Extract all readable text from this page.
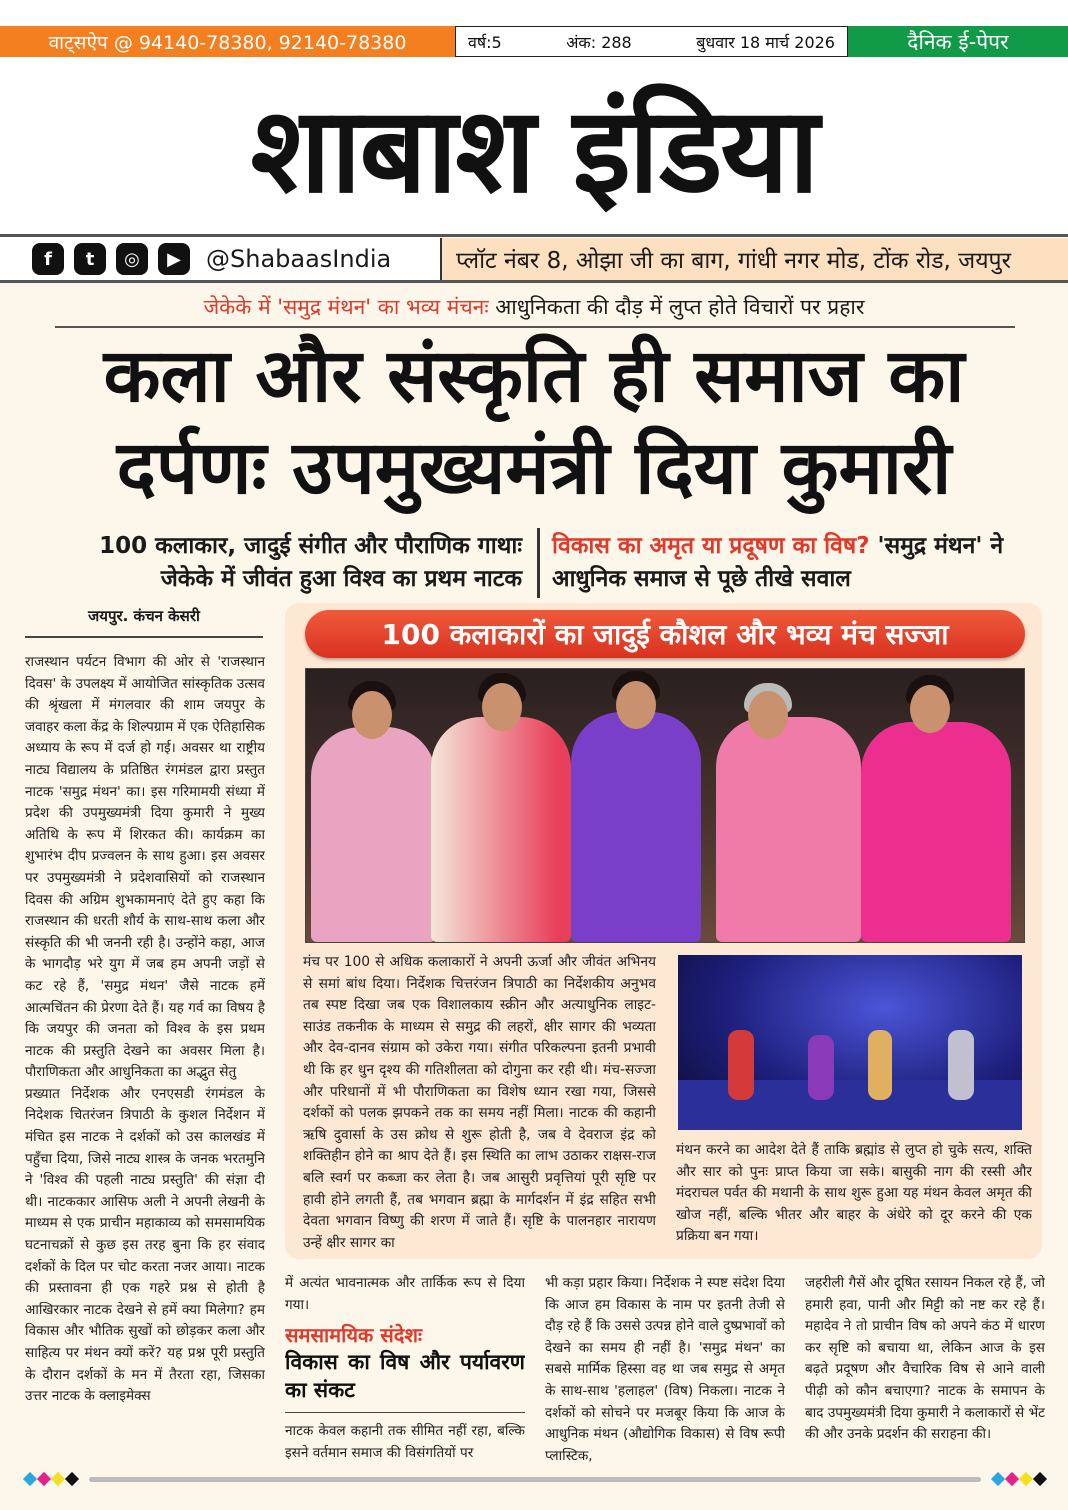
वाट्सऐप @ 94140-78380, 92140-78380	वर्ष:5	अंक: 288	बुधवार 18 मार्च 2026	दैनिक ई-पेपर
शाबाश इंडिया
f	t	◎	▶	@ShabaasIndia	प्लॉट नंबर 8, ओझा जी का बाग, गांधी नगर मोड, टोंक रोड, जयपुर
जेकेके में 'समुद्र मंथन' का भव्य मंचनः आधुनिकता की दौड़ में लुप्त होते विचारों पर प्रहार
कला और संस्कृति ही समाज का
दर्पणः उपमुख्यमंत्री दिया कुमारी
100 कलाकार, जादुई संगीत और पौराणिक गाथाः
जेकेके में जीवंत हुआ विश्व का प्रथम नाटक
विकास का अमृत या प्रदूषण का विष? 'समुद्र मंथन' ने आधुनिक समाज से पूछे तीखे सवाल
जयपुर. कंचन केसरी

राजस्थान पर्यटन विभाग की ओर से 'राजस्थान दिवस' के उपलक्ष्य में आयोजित सांस्कृतिक उत्सव की श्रृंखला में मंगलवार की शाम जयपुर के जवाहर कला केंद्र के शिल्पग्राम में एक ऐतिहासिक अध्याय के रूप में दर्ज हो गई। अवसर था राष्ट्रीय नाट्य विद्यालय के प्रतिष्ठित रंगमंडल द्वारा प्रस्तुत नाटक 'समुद्र मंथन' का। इस गरिमामयी संध्या में प्रदेश की उपमुख्यमंत्री दिया कुमारी ने मुख्य अतिथि के रूप में शिरकत की। कार्यक्रम का शुभारंभ दीप प्रज्वलन के साथ हुआ। इस अवसर पर उपमुख्यमंत्री ने प्रदेशवासियों को राजस्थान दिवस की अग्रिम शुभकामनाएं देते हुए कहा कि राजस्थान की धरती शौर्य के साथ-साथ कला और संस्कृति की भी जननी रही है। उन्होंने कहा, आज के भागदौड़ भरे युग में जब हम अपनी जड़ों से कट रहे हैं, 'समुद्र मंथन' जैसे नाटक हमें आत्मचिंतन की प्रेरणा देते हैं। यह गर्व का विषय है कि जयपुर की जनता को विश्व के इस प्रथम नाटक की प्रस्तुति देखने का अवसर मिला है। पौराणिकता और आधुनिकता का अद्भुत सेतु

प्रख्यात निर्देशक और एनएसडी रंगमंडल के निदेशक चितरंजन त्रिपाठी के कुशल निर्देशन में मंचित इस नाटक ने दर्शकों को उस कालखंड में पहुँचा दिया, जिसे नाट्य शास्त्र के जनक भरतमुनि ने 'विश्व की पहली नाट्य प्रस्तुति' की संज्ञा दी थी। नाटककार आसिफ अली ने अपनी लेखनी के माध्यम से एक प्राचीन महाकाव्य को समसामयिक घटनाचक्रों से कुछ इस तरह बुना कि हर संवाद दर्शकों के दिल पर चोट करता नजर आया। नाटक की प्रस्तावना ही एक गहरे प्रश्न से होती है आखिरकार नाटक देखने से हमें क्या मिलेगा? हम विकास और भौतिक सुखों को छोड़कर कला और साहित्य पर मंथन क्यों करें? यह प्रश्न पूरी प्रस्तुति के दौरान दर्शकों के मन में तैरता रहा, जिसका उत्तर नाटक के क्लाइमेक्स

100 कलाकारों का जादुई कौशल और भव्य मंच सज्जा
मंच पर 100 से अधिक कलाकारों ने अपनी ऊर्जा और जीवंत अभिनय से समां बांध दिया। निर्देशक चित्तरंजन त्रिपाठी का निर्देशकीय अनुभव तब स्पष्ट दिखा जब एक विशालकाय स्क्रीन और अत्याधुनिक लाइट-साउंड तकनीक के माध्यम से समुद्र की लहरों, क्षीर सागर की भव्यता और देव-दानव संग्राम को उकेरा गया। संगीत परिकल्पना इतनी प्रभावी थी कि हर धुन दृश्य की गतिशीलता को दोगुना कर रही थी। मंच-सज्जा और परिधानों में भी पौराणिकता का विशेष ध्यान रखा गया, जिससे दर्शकों को पलक झपकने तक का समय नहीं मिला। नाटक की कहानी ऋषि दुवार्सा के उस क्रोध से शुरू होती है, जब वे देवराज इंद्र को शक्तिहीन होने का श्राप देते हैं। इस स्थिति का लाभ उठाकर राक्षस-राज बलि स्वर्ग पर कब्जा कर लेता है। जब आसुरी प्रवृत्तियां पूरी सृष्टि पर हावी होने लगती हैं, तब भगवान ब्रह्मा के मार्गदर्शन में इंद्र सहित सभी देवता भगवान विष्णु की शरण में जाते हैं। सृष्टि के पालनहार नारायण उन्हें क्षीर सागर का
मंथन करने का आदेश देते हैं ताकि ब्रह्मांड से लुप्त हो चुके सत्य, शक्ति और सार को पुनः प्राप्त किया जा सके। बासुकी नाग की रस्सी और मंदराचल पर्वत की मथानी के साथ शुरू हुआ यह मंथन केवल अमृत की खोज नहीं, बल्कि भीतर और बाहर के अंधेरे को दूर करने की एक प्रक्रिया बन गया।

में अत्यंत भावनात्मक और तार्किक रूप से दिया गया।

समसामयिक संदेशः
विकास का विष और पर्यावरण का संकट

नाटक केवल कहानी तक सीमित नहीं रहा, बल्कि इसने वर्तमान समाज की विसंगतियों पर

भी कड़ा प्रहार किया। निर्देशक ने स्पष्ट संदेश दिया कि आज हम विकास के नाम पर इतनी तेजी से दौड़ रहे हैं कि उससे उत्पन्न होने वाले दुष्प्रभावों को देखने का समय ही नहीं है। 'समुद्र मंथन' का सबसे मार्मिक हिस्सा वह था जब समुद्र से अमृत के साथ-साथ 'हलाहल' (विष) निकला। नाटक ने दर्शकों को सोचने पर मजबूर किया कि आज के आधुनिक मंथन (औद्योगिक विकास) से विष रूपी प्लास्टिक,
जहरीली गैसें और दूषित रसायन निकल रहे हैं, जो हमारी हवा, पानी और मिट्टी को नष्ट कर रहे हैं। महादेव ने तो प्राचीन विष को अपने कंठ में धारण कर सृष्टि को बचाया था, लेकिन आज के इस बढ़ते प्रदूषण और वैचारिक विष से आने वाली पीढ़ी को कौन बचाएगा? नाटक के समापन के बाद उपमुख्यमंत्री दिया कुमारी ने कलाकारों से भेंट की और उनके प्रदर्शन की सराहना की।
